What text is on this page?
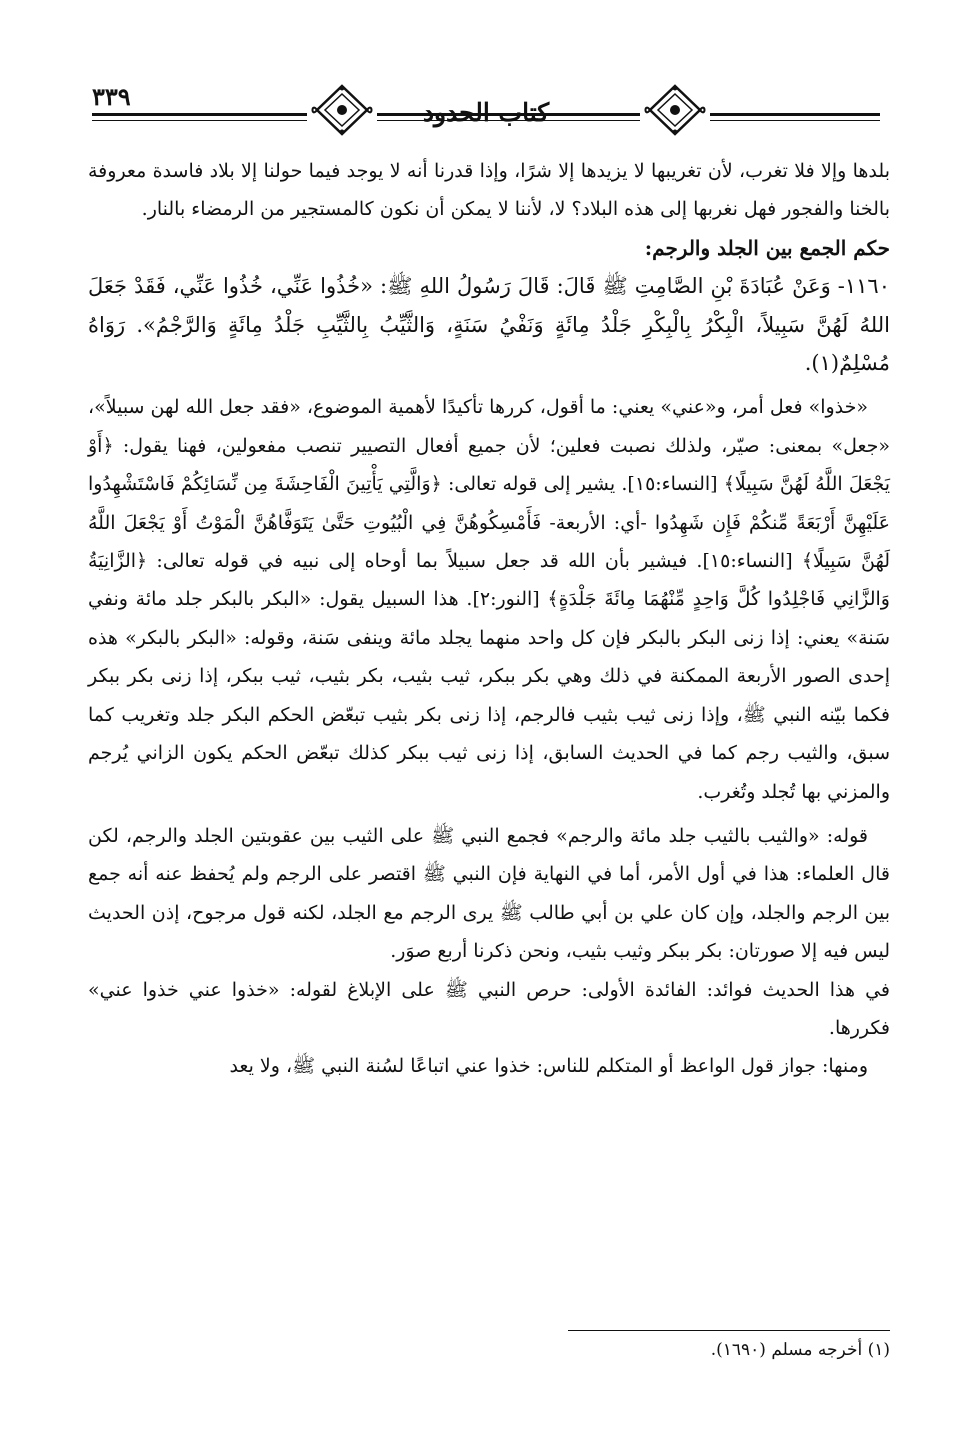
٣٣٩
كتاب الحدود

بلدها وإلا فلا تغرب، لأن تغريبها لا يزيدها إلا شرًا، وإذا قدرنا أنه لا يوجد فيما حولنا إلا بلاد فاسدة معروفة بالخنا والفجور فهل نغربها إلى هذه البلاد؟ لا، لأننا لا يمكن أن نكون كالمستجير من الرمضاء بالنار.

حكم الجمع بين الجلد والرجم:

١١٦٠- وَعَنْ عُبَادَةَ بْنِ الصَّامِتِ ﷺ قَالَ: قَالَ رَسُولُ اللهِ ﷺ: «خُذُوا عَنِّي، خُذُوا عَنِّي، فَقَدْ جَعَلَ اللهُ لَهُنَّ سَبِيلاً، الْبِكْرُ بِالْبِكْرِ جَلْدُ مِائَةٍ وَنَفْيُ سَنَةٍ، وَالثَّيِّبُ بِالثَّيِّبِ جَلْدُ مِائَةٍ وَالرَّجْمُ». رَوَاهُ مُسْلِمٌ(١).

«خذوا» فعل أمر، و«عني» يعني: ما أقول، كررها تأكيدًا لأهمية الموضوع، «فقد جعل الله لهن سبيلاً»، «جعل» بمعنى: صيّر، ولذلك نصبت فعلين؛ لأن جميع أفعال التصيير تنصب مفعولين، فهنا يقول: ﴿أَوْ يَجْعَلَ اللَّهُ لَهُنَّ سَبِيلًا﴾ [النساء:١٥]. يشير إلى قوله تعالى: ﴿وَالَّتِي يَأْتِينَ الْفَاحِشَةَ مِن نِّسَائِكُمْ فَاسْتَشْهِدُوا عَلَيْهِنَّ أَرْبَعَةً مِّنكُمْ فَإِن شَهِدُوا -أي: الأربعة- فَأَمْسِكُوهُنَّ فِي الْبُيُوتِ حَتَّىٰ يَتَوَفَّاهُنَّ الْمَوْتُ أَوْ يَجْعَلَ اللَّهُ لَهُنَّ سَبِيلًا﴾ [النساء:١٥]. فيشير بأن الله قد جعل سبيلاً بما أوحاه إلى نبيه في قوله تعالى: ﴿الزَّانِيَةُ وَالزَّانِي فَاجْلِدُوا كُلَّ وَاحِدٍ مِّنْهُمَا مِائَةَ جَلْدَةٍ﴾ [النور:٢]. هذا السبيل يقول: «البكر بالبكر جلد مائة ونفي سَنة» يعني: إذا زنى البكر بالبكر فإن كل واحد منهما يجلد مائة وينفى سَنة، وقوله: «البكر بالبكر» هذه إحدى الصور الأربعة الممكنة في ذلك وهي بكر ببكر، ثيب بثيب، بكر بثيب، ثيب ببكر، إذا زنى بكر ببكر فكما بيّنه النبي ﷺ، وإذا زنى ثيب بثيب فالرجم، إذا زنى بكر بثيب تبعّض الحكم البكر جلد وتغريب كما سبق، والثيب رجم كما في الحديث السابق، إذا زنى ثيب ببكر كذلك تبعّض الحكم يكون الزاني يُرجم والمزني بها تُجلد وتُغرب.

قوله: «والثيب بالثيب جلد مائة والرجم» فجمع النبي ﷺ على الثيب بين عقوبتين الجلد والرجم، لكن قال العلماء: هذا في أول الأمر، أما في النهاية فإن النبي ﷺ اقتصر على الرجم ولم يُحفظ عنه أنه جمع بين الرجم والجلد، وإن كان علي بن أبي طالب ﷺ يرى الرجم مع الجلد، لكنه قول مرجوح، إذن الحديث ليس فيه إلا صورتان: بكر ببكر وثيب بثيب، ونحن ذكرنا أربع صوَر.

في هذا الحديث فوائد: الفائدة الأولى: حرص النبي ﷺ على الإبلاغ لقوله: «خذوا عني خذوا عني» فكررها.

ومنها: جواز قول الواعظ أو المتكلم للناس: خذوا عني اتباعًا لسُنة النبي ﷺ، ولا يعد

(١) أخرجه مسلم (١٦٩٠).
